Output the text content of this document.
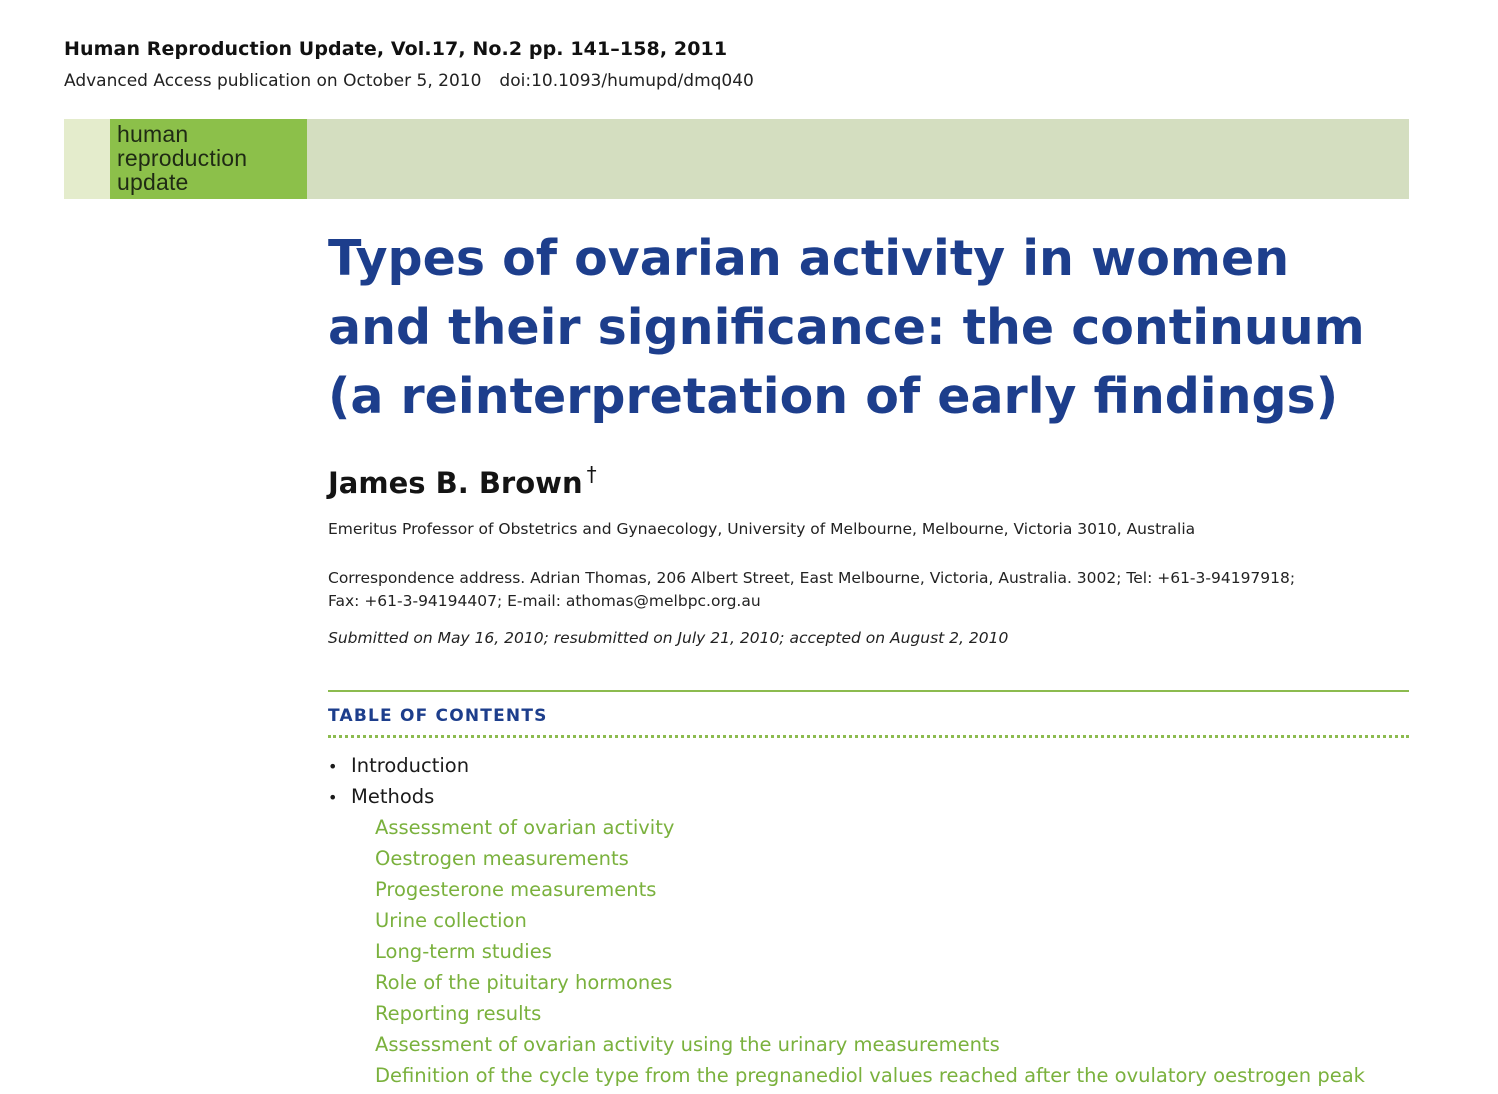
Human Reproduction Update, Vol.17, No.2 pp. 141–158, 2011
Advanced Access publication on October 5, 2010 doi:10.1093/humupd/dmq040
human
reproduction
update
Types of ovarian activity in women
and their significance: the continuum
(a reinterpretation of early findings)
James B. Brown †
Emeritus Professor of Obstetrics and Gynaecology, University of Melbourne, Melbourne, Victoria 3010, Australia
Correspondence address. Adrian Thomas, 206 Albert Street, East Melbourne, Victoria, Australia. 3002; Tel: +61-3-94197918;
Fax: +61-3-94194407; E-mail: athomas@melbpc.org.au
Submitted on May 16, 2010; resubmitted on July 21, 2010; accepted on August 2, 2010
TABLE OF CONTENTS
• Introduction
• Methods
Assessment of ovarian activity
Oestrogen measurements
Progesterone measurements
Urine collection
Long-term studies
Role of the pituitary hormones
Reporting results
Assessment of ovarian activity using the urinary measurements
Definition of the cycle type from the pregnanediol values reached after the ovulatory oestrogen peak
